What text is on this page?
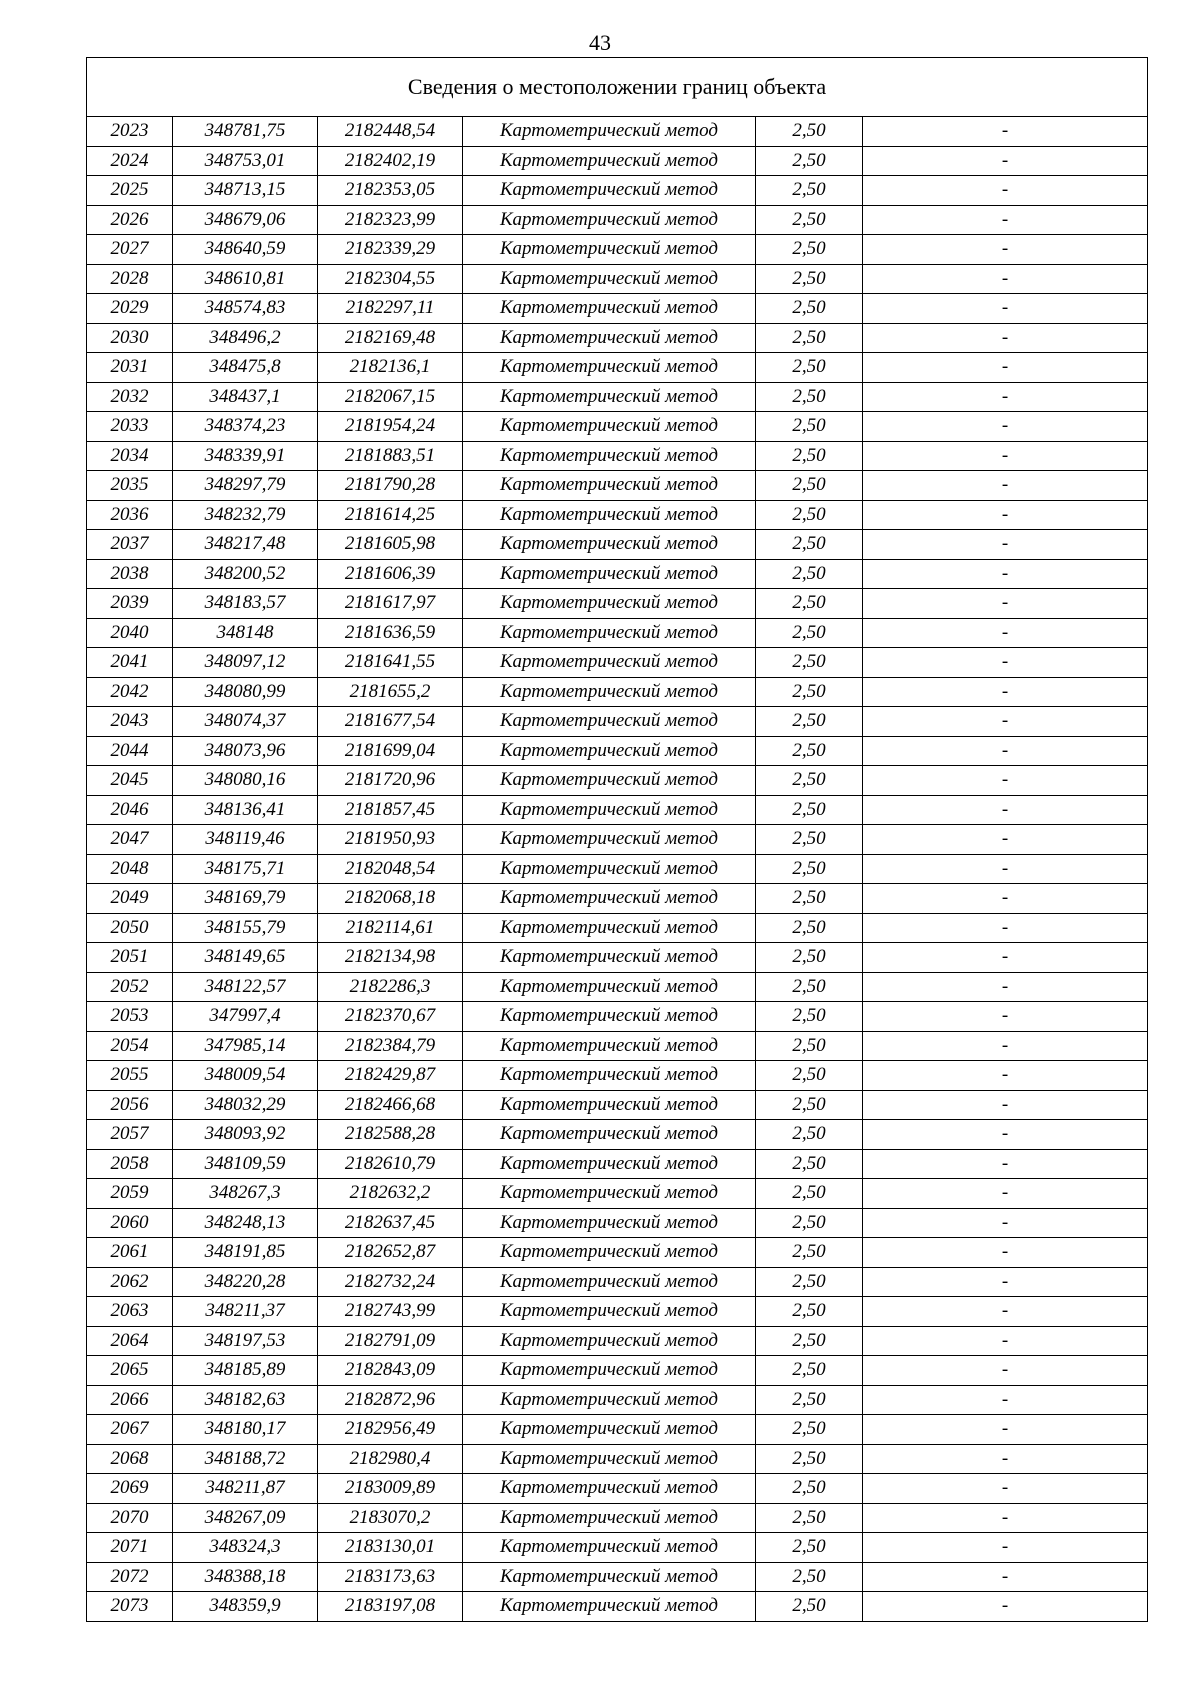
43
Сведения о местоположении границ объекта					
2023	348781,75	2182448,54	Картометрический метод	2,50	-
2024	348753,01	2182402,19	Картометрический метод	2,50	-
2025	348713,15	2182353,05	Картометрический метод	2,50	-
2026	348679,06	2182323,99	Картометрический метод	2,50	-
2027	348640,59	2182339,29	Картометрический метод	2,50	-
2028	348610,81	2182304,55	Картометрический метод	2,50	-
2029	348574,83	2182297,11	Картометрический метод	2,50	-
2030	348496,2	2182169,48	Картометрический метод	2,50	-
2031	348475,8	2182136,1	Картометрический метод	2,50	-
2032	348437,1	2182067,15	Картометрический метод	2,50	-
2033	348374,23	2181954,24	Картометрический метод	2,50	-
2034	348339,91	2181883,51	Картометрический метод	2,50	-
2035	348297,79	2181790,28	Картометрический метод	2,50	-
2036	348232,79	2181614,25	Картометрический метод	2,50	-
2037	348217,48	2181605,98	Картометрический метод	2,50	-
2038	348200,52	2181606,39	Картометрический метод	2,50	-
2039	348183,57	2181617,97	Картометрический метод	2,50	-
2040	348148	2181636,59	Картометрический метод	2,50	-
2041	348097,12	2181641,55	Картометрический метод	2,50	-
2042	348080,99	2181655,2	Картометрический метод	2,50	-
2043	348074,37	2181677,54	Картометрический метод	2,50	-
2044	348073,96	2181699,04	Картометрический метод	2,50	-
2045	348080,16	2181720,96	Картометрический метод	2,50	-
2046	348136,41	2181857,45	Картометрический метод	2,50	-
2047	348119,46	2181950,93	Картометрический метод	2,50	-
2048	348175,71	2182048,54	Картометрический метод	2,50	-
2049	348169,79	2182068,18	Картометрический метод	2,50	-
2050	348155,79	2182114,61	Картометрический метод	2,50	-
2051	348149,65	2182134,98	Картометрический метод	2,50	-
2052	348122,57	2182286,3	Картометрический метод	2,50	-
2053	347997,4	2182370,67	Картометрический метод	2,50	-
2054	347985,14	2182384,79	Картометрический метод	2,50	-
2055	348009,54	2182429,87	Картометрический метод	2,50	-
2056	348032,29	2182466,68	Картометрический метод	2,50	-
2057	348093,92	2182588,28	Картометрический метод	2,50	-
2058	348109,59	2182610,79	Картометрический метод	2,50	-
2059	348267,3	2182632,2	Картометрический метод	2,50	-
2060	348248,13	2182637,45	Картометрический метод	2,50	-
2061	348191,85	2182652,87	Картометрический метод	2,50	-
2062	348220,28	2182732,24	Картометрический метод	2,50	-
2063	348211,37	2182743,99	Картометрический метод	2,50	-
2064	348197,53	2182791,09	Картометрический метод	2,50	-
2065	348185,89	2182843,09	Картометрический метод	2,50	-
2066	348182,63	2182872,96	Картометрический метод	2,50	-
2067	348180,17	2182956,49	Картометрический метод	2,50	-
2068	348188,72	2182980,4	Картометрический метод	2,50	-
2069	348211,87	2183009,89	Картометрический метод	2,50	-
2070	348267,09	2183070,2	Картометрический метод	2,50	-
2071	348324,3	2183130,01	Картометрический метод	2,50	-
2072	348388,18	2183173,63	Картометрический метод	2,50	-
2073	348359,9	2183197,08	Картометрический метод	2,50	-
